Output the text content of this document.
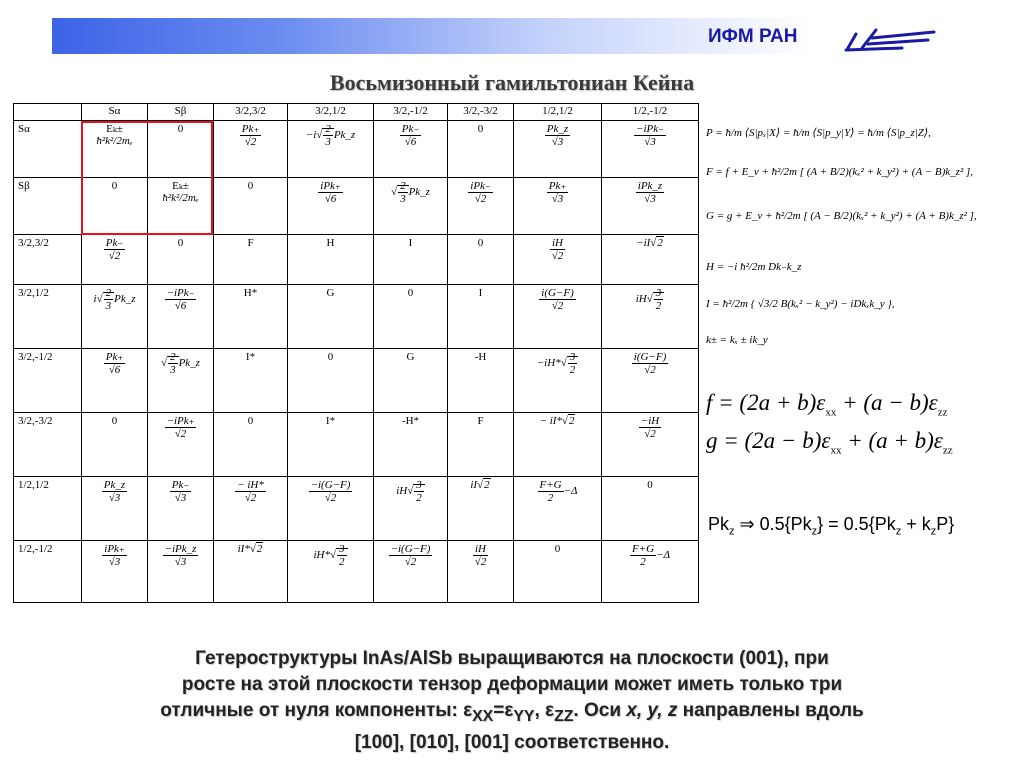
ИФМ РАН
Восьмизонный гамильтониан Кейна
	Sα	Sβ	3/2,3/2	3/2,1/2	3/2,-1/2	3/2,-3/2	1/2,1/2	1/2,-1/2
Sα	Eₖ±
ħ²k²/2mₑ	0	$\frac{Pk_+}{√2}$	$-i√ \frac{2}{3}$ Pk_z	$\frac{Pk_-}{√6}$	0	$\frac{Pk\_z}{√3}$	$\frac{\text{−iPk₋}}{√3}$

Sβ	0	Eₖ±
ħ²k²/2mₑ	0	$\frac{\text{iPk₊}}{√6}$	√ $\frac{2}{3}$ Pk_z	$\frac{\text{iPk₋}}{√2}$	$\frac{Pk_+}{√3}$	$\frac{\text{iPk\_z}}{√3}$

3/2,3/2	$\frac{Pk_-}{√2}$	0	F	H	I	0	$\frac{iH}{√2}$	−iI√2
3/2,1/2	$i√ \frac{2}{3}$ Pk_z	$\frac{\text{−iPk₋}}{√6}$	H*	G	0	I	$\frac{i(G-F)}{√2}$	$iH√ \frac{3}{2}$

3/2,-1/2	$\frac{Pk_+}{√6}$	√ $\frac{2}{3}$ Pk_z	I*	0	G	-H	$-iH*√ \frac{3}{2}$	$\frac{i(G-F)}{√2}$

3/2,-3/2	0	$\frac{\text{−iPk₊}}{√2}$	0	I*	-H*	F	− iI*√2	$\frac{-iH}{√2}$

1/2,1/2	$\frac{Pk\_z}{√3}$	$\frac{Pk_-}{√3}$	$\frac{- iH*}{√2}$	$\frac{-i(G-F)}{√2}$	$iH√ \frac{3}{2}$	iI√2	$\frac{F+G}{2} -\Delta$	0
1/2,-1/2	$\frac{\text{iPk₊}}{√3}$	$\frac{\text{−iPk\_z}}{√3}$	iI*√2	$iH*√ \frac{3}{2}$	$\frac{-i(G-F)}{√2}$	$\frac{iH}{√2}$	0	$\frac{F+G}{2} -\Delta$
P = ħ/m ⟨S|pₓ|X⟩ = ħ/m ⟨S|p_y|Y⟩ = ħ/m ⟨S|p_z|Z⟩,
F = f + E_v + ħ²/2m [ (A + B/2)(kₓ² + k_y²) + (A − B)k_z² ],
G = g + E_v + ħ²/2m [ (A − B/2)(kₓ² + k_y²) + (A + B)k_z² ],
H = −i ħ²/2m Dk₋k_z
I = ħ²/2m { √3/2 B(kₓ² − k_y²) − iDkₓk_y },
k± = kₓ ± ik_y
$f = (2a + b)\varepsilon_{xx} + (a - b)\varepsilon_{zz}$
$g = (2a - b)\varepsilon_{xx} + (a + b)\varepsilon_{zz}$
$Pk_z$ ⇒ $0.5\{Pk_z\} = 0.5\{Pk_z + k_zP\}$
Гетероструктуры InAs/AlSb выращиваются на плоскости (001), при
росте на этой плоскости тензор деформации может иметь только три
отличные от нуля компоненты: $\varepsilon_{XX}=\varepsilon_{YY}$, $\varepsilon_{ZZ}$. Оси x, y, z направлены вдоль
[100], [010], [001] соответственно.
